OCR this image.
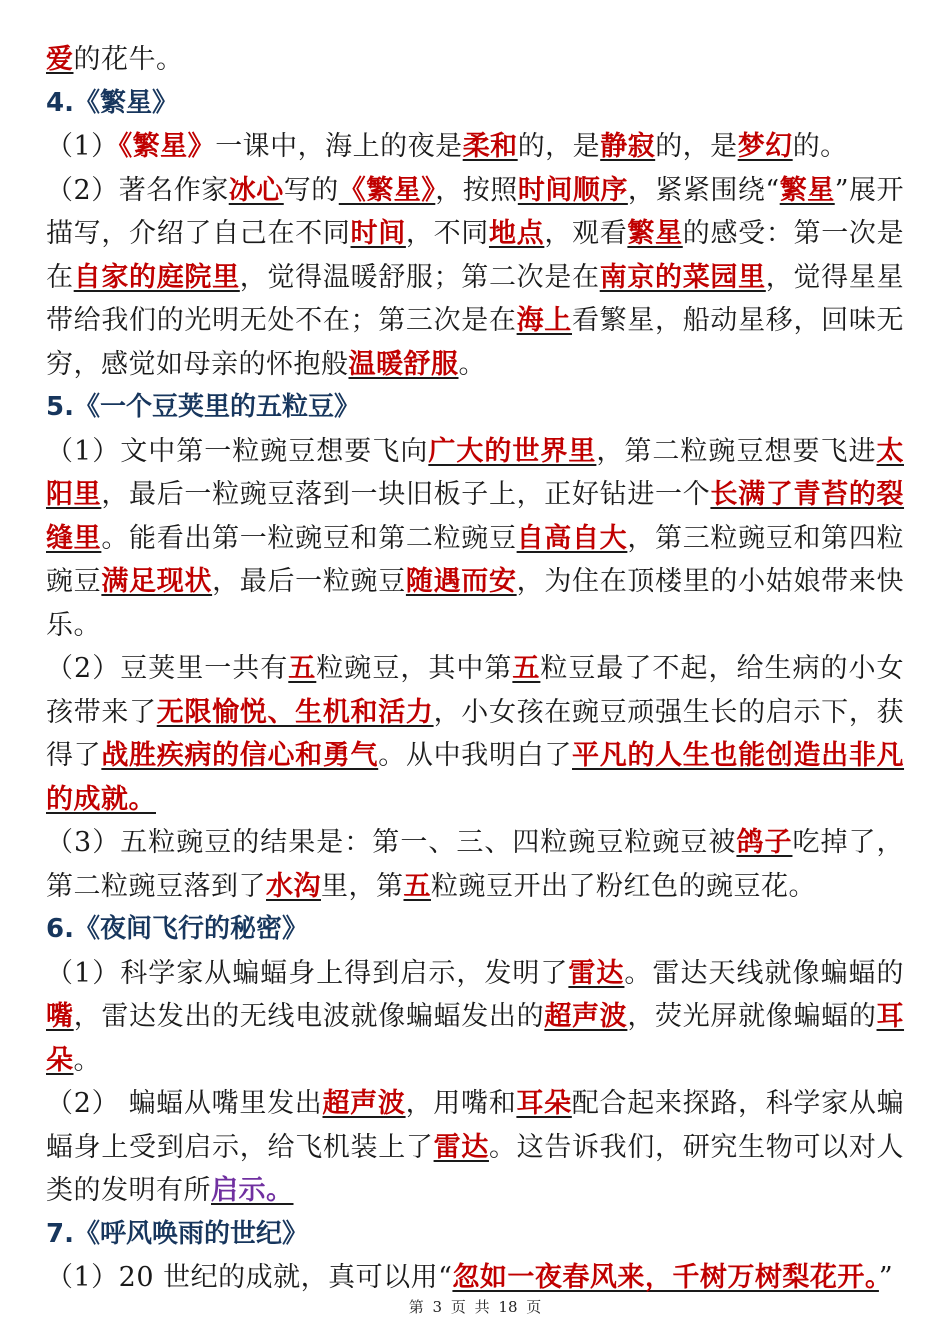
爱的花牛。

4.《繁星》

（1）《繁星》一课中，海上的夜是柔和的，是静寂的，是梦幻的。

（2）著名作家冰心写的《繁星》，按照时间顺序，紧紧围绕“繁星”展开描写，介绍了自己在不同时间，不同地点，观看繁星的感受：第一次是在自家的庭院里，觉得温暖舒服；第二次是在南京的菜园里，觉得星星带给我们的光明无处不在；第三次是在海上看繁星，船动星移，回味无穷，感觉如母亲的怀抱般温暖舒服。

5.《一个豆荚里的五粒豆》

（1）文中第一粒豌豆想要飞向广大的世界里，第二粒豌豆想要飞进太阳里，最后一粒豌豆落到一块旧板子上，正好钻进一个长满了青苔的裂缝里。能看出第一粒豌豆和第二粒豌豆自高自大，第三粒豌豆和第四粒豌豆满足现状，最后一粒豌豆随遇而安，为住在顶楼里的小姑娘带来快乐。

（2）豆荚里一共有五粒豌豆，其中第五粒豆最了不起，给生病的小女孩带来了无限愉悦、生机和活力，小女孩在豌豆顽强生长的启示下，获得了战胜疾病的信心和勇气。从中我明白了平凡的人生也能创造出非凡的成就。

（3）五粒豌豆的结果是：第一、三、四粒豌豆粒豌豆被鸽子吃掉了，第二粒豌豆落到了水沟里，第五粒豌豆开出了粉红色的豌豆花。

6.《夜间飞行的秘密》

（1）科学家从蝙蝠身上得到启示，发明了雷达。雷达天线就像蝙蝠的嘴，雷达发出的无线电波就像蝙蝠发出的超声波，荧光屏就像蝙蝠的耳朵。

（2） 蝙蝠从嘴里发出超声波，用嘴和耳朵配合起来探路，科学家从蝙蝠身上受到启示，给飞机装上了雷达。这告诉我们，研究生物可以对人类的发明有所启示。

7.《呼风唤雨的世纪》

（1）20 世纪的成就，真可以用“忽如一夜春风来，千树万树梨花开。”

第 3 页 共 18 页
